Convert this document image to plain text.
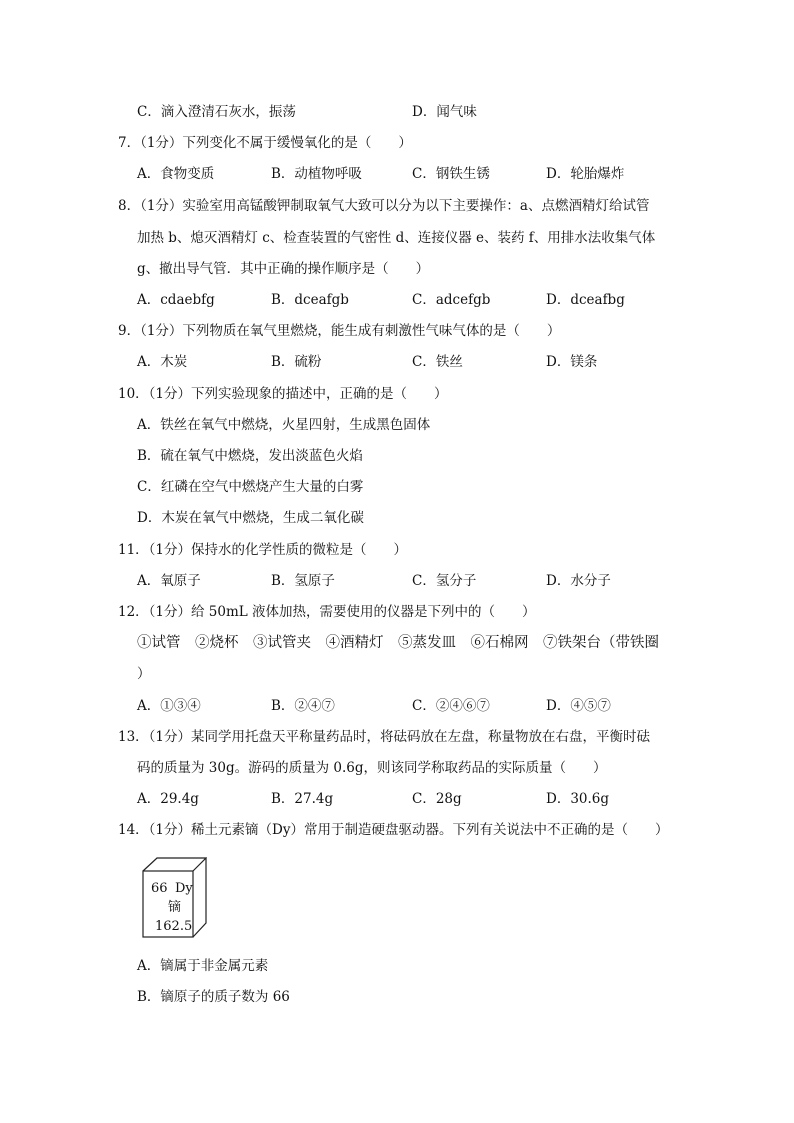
C．滴入澄清石灰水，振荡	D．闻气味
7．（1分）下列变化不属于缓慢氧化的是（　　）
A．食物变质	B．动植物呼吸	C．钢铁生锈	D．轮胎爆炸
8．（1分）实验室用高锰酸钾制取氧气大致可以分为以下主要操作：a、点燃酒精灯给试管
加热 b、熄灭酒精灯 c、检查装置的气密性 d、连接仪器 e、装药 f、用排水法收集气体
g、撤出导气管．其中正确的操作顺序是（　　）
A．cdaebfg	B．dceafgb	C．adcefgb	D．dceafbg
9．（1分）下列物质在氧气里燃烧，能生成有刺激性气味气体的是（　　）
A．木炭	B．硫粉	C．铁丝	D．镁条
10．（1分）下列实验现象的描述中，正确的是（　　）
A．铁丝在氧气中燃烧，火星四射，生成黑色固体
B．硫在氧气中燃烧，发出淡蓝色火焰
C．红磷在空气中燃烧产生大量的白雾
D．木炭在氧气中燃烧，生成二氧化碳
11．（1分）保持水的化学性质的微粒是（　　）
A．氧原子	B．氢原子	C．氢分子	D．水分子
12．（1分）给 50mL 液体加热，需要使用的仪器是下列中的（　　）
①试管　②烧杯　③试管夹　④酒精灯　⑤蒸发皿　⑥石棉网　⑦铁架台（带铁圈
）
A．①③④	B．②④⑦	C．②④⑥⑦	D．④⑤⑦
13．（1分）某同学用托盘天平称量药品时，将砝码放在左盘，称量物放在右盘，平衡时砝
码的质量为 30g。游码的质量为 0.6g，则该同学称取药品的实际质量（　　）
A．29.4g	B．27.4g	C．28g	D．30.6g
14．（1分）稀土元素镝（Dy）常用于制造硬盘驱动器。下列有关说法中不正确的是（　　）
66 Dy
镝
162.5
A．镝属于非金属元素
B．镝原子的质子数为 66
